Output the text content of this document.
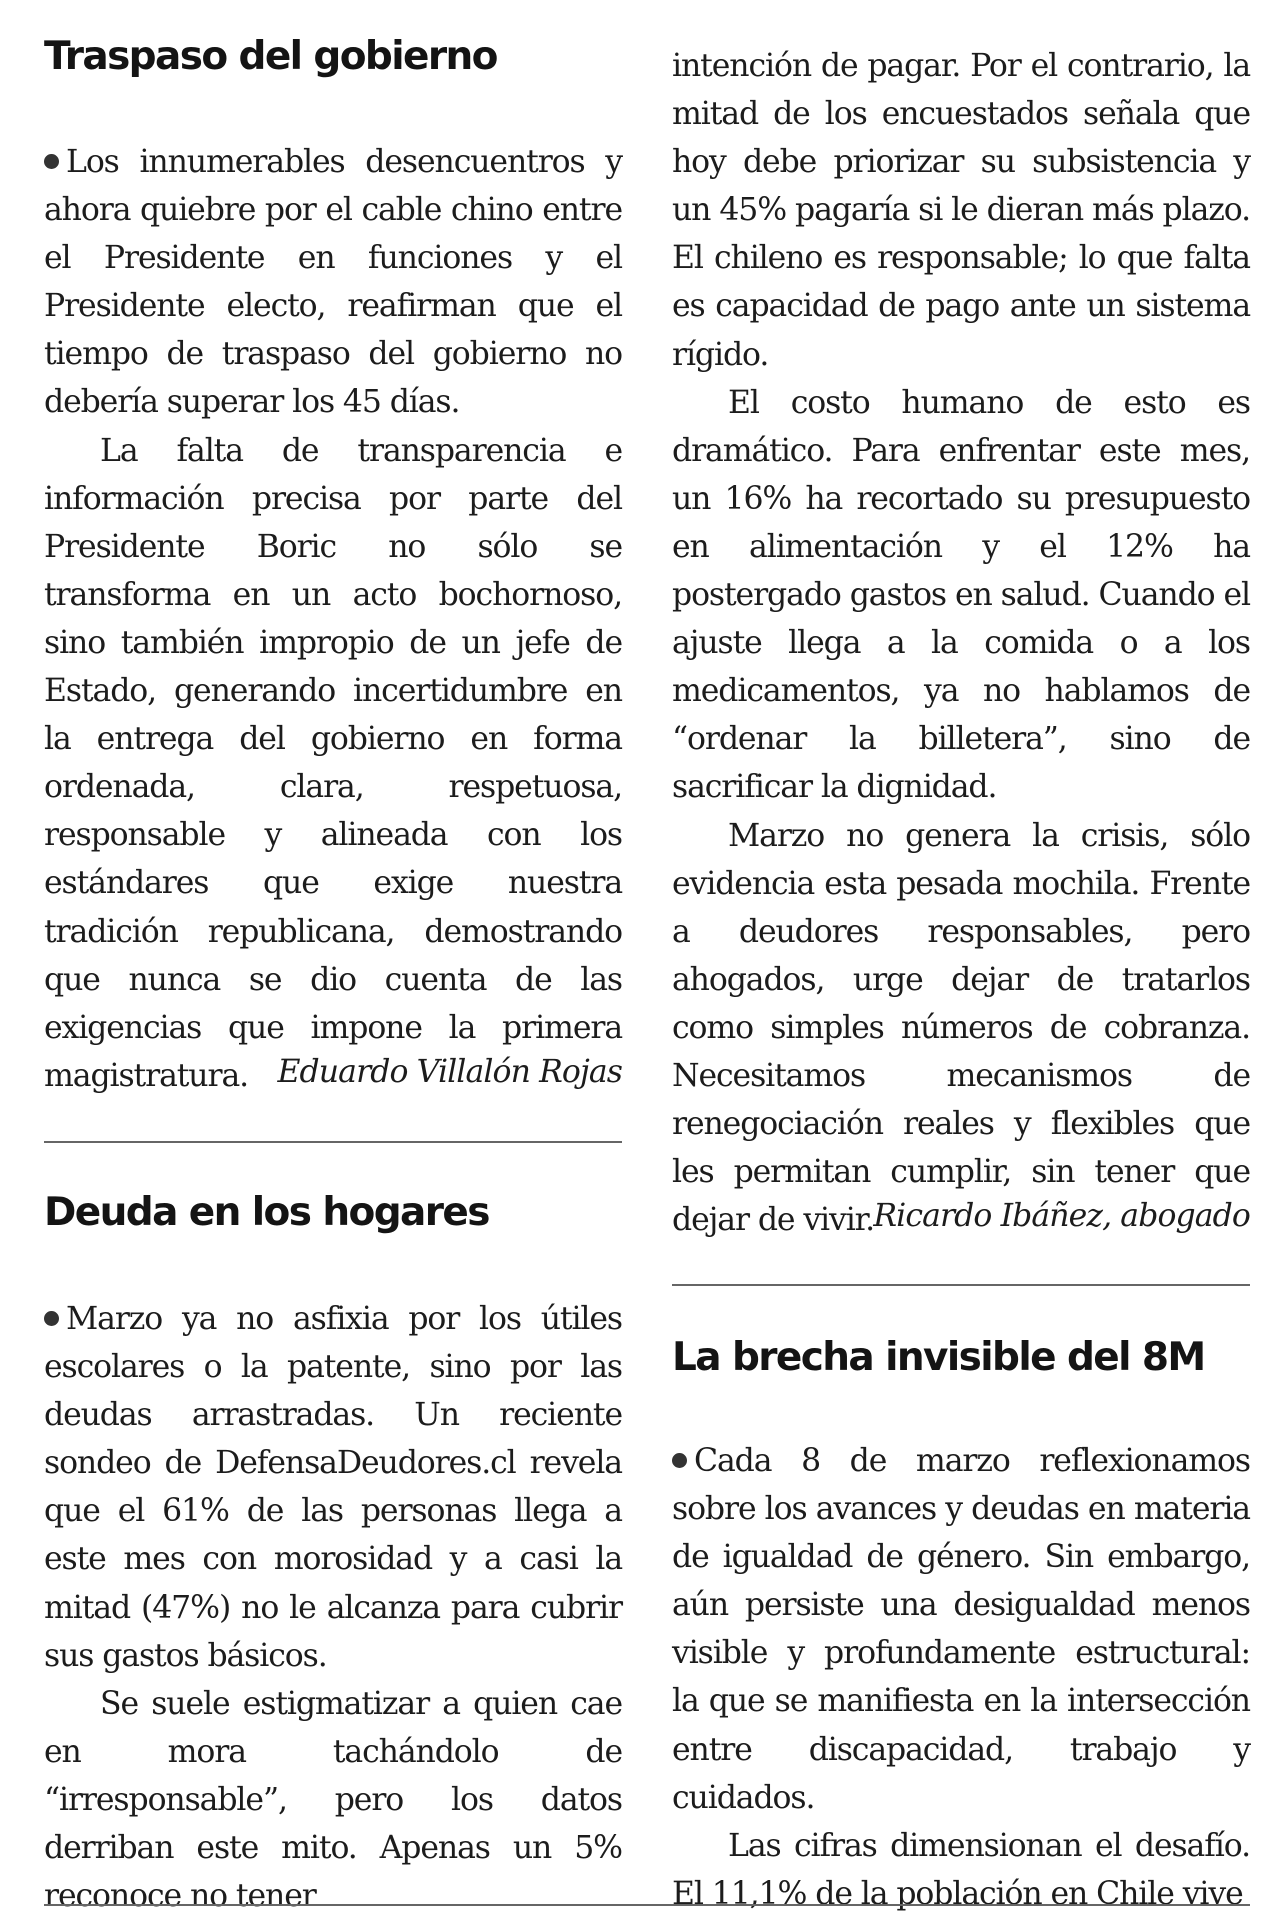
Traspaso del gobierno

Los innumerables desencuentros y ahora quiebre por el cable chino entre el Presidente en funciones y el Presidente electo, reafirman que el tiempo de traspaso del gobierno no debería superar los 45 días.

La falta de transparencia e información precisa por parte del Presidente Boric no sólo se transforma en un acto bochornoso, sino también impropio de un jefe de Estado, generando incertidumbre en la entrega del gobierno en forma ordenada, clara, respetuosa, responsable y alineada con los estándares que exige nuestra tradición republicana, demostrando que nunca se dio cuenta de las exigencias que impone la primera magistratura. Eduardo Villalón Rojas

Deuda en los hogares

Marzo ya no asfixia por los útiles escolares o la patente, sino por las deudas arrastradas. Un reciente sondeo de DefensaDeudores.cl revela que el 61% de las personas llega a este mes con morosidad y a casi la mitad (47%) no le alcanza para cubrir sus gastos básicos.

Se suele estigmatizar a quien cae en mora tachándolo de “irresponsable”, pero los datos derriban este mito. Apenas un 5% reconoce no tener

intención de pagar. Por el contrario, la mitad de los encuestados señala que hoy debe priorizar su subsistencia y un 45% pagaría si le dieran más plazo. El chileno es responsable; lo que falta es capacidad de pago ante un sistema rígido.

El costo humano de esto es dramático. Para enfrentar este mes, un 16% ha recortado su presupuesto en alimentación y el 12% ha postergado gastos en salud. Cuando el ajuste llega a la comida o a los medicamentos, ya no hablamos de “ordenar la billetera”, sino de sacrificar la dignidad.

Marzo no genera la crisis, sólo evidencia esta pesada mochila. Frente a deudores responsables, pero ahogados, urge dejar de tratarlos como simples números de cobranza. Necesitamos mecanismos de renegociación reales y flexibles que les permitan cumplir, sin tener que dejar de vivir. Ricardo Ibáñez, abogado

La brecha invisible del 8M

Cada 8 de marzo reflexionamos sobre los avances y deudas en materia de igualdad de género. Sin embargo, aún persiste una desigualdad menos visible y profundamente estructural: la que se manifiesta en la intersección entre discapacidad, trabajo y cuidados.

Las cifras dimensionan el desafío. El 11,1% de la población en Chile vive
